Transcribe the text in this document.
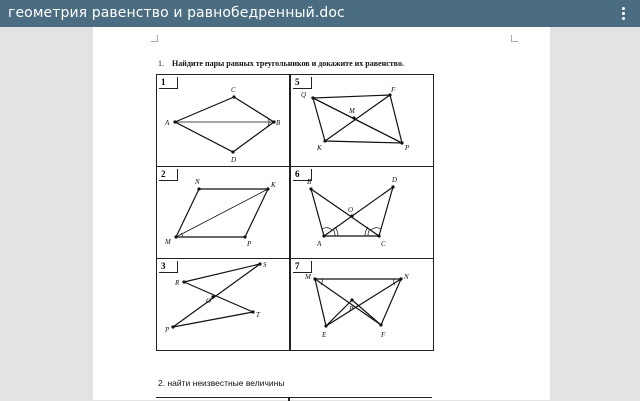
геометрия равенство и равнобедренный.doc
1. Найдите пары равных треугольников и докажите их равенство.
1
A	B
C
D
5
Q
F
M
K	P
2
N	K
M	P
6
B	D
O
A	C
3	S
R
O
T
P
7
M	N
P
E	F
2. найти неизвестные величины
